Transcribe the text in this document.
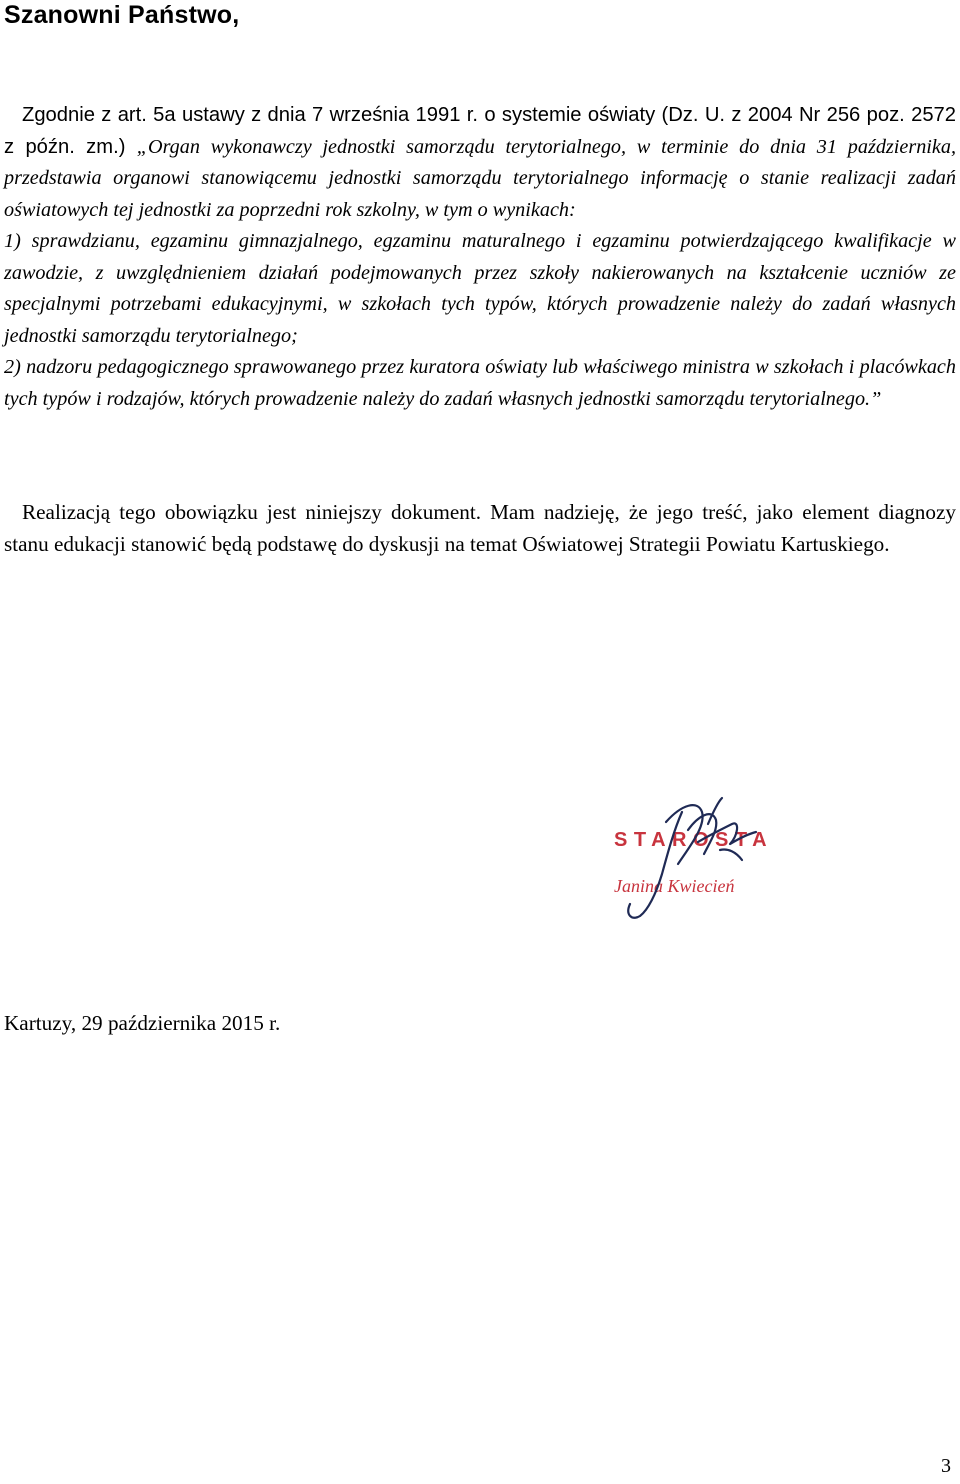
Szanowni Państwo,

Zgodnie z art. 5a ustawy z dnia 7 września 1991 r. o systemie oświaty (Dz. U. z 2004 Nr 256 poz. 2572 z późn. zm.) „Organ wykonawczy jednostki samorządu terytorialnego, w terminie do dnia 31 października, przedstawia organowi stanowiącemu jednostki samorządu terytorialnego informację o stanie realizacji zadań oświatowych tej jednostki za poprzedni rok szkolny, w tym o wynikach:

1) sprawdzianu, egzaminu gimnazjalnego, egzaminu maturalnego i egzaminu potwierdzającego kwalifikacje w zawodzie, z uwzględnieniem działań podejmowanych przez szkoły nakierowanych na kształcenie uczniów ze specjalnymi potrzebami edukacyjnymi, w szkołach tych typów, których prowadzenie należy do zadań własnych jednostki samorządu terytorialnego;

2) nadzoru pedagogicznego sprawowanego przez kuratora oświaty lub właściwego ministra w szkołach i placówkach tych typów i rodzajów, których prowadzenie należy do zadań własnych jednostki samorządu terytorialnego.”

Realizacją tego obowiązku jest niniejszy dokument. Mam nadzieję, że jego treść, jako element diagnozy stanu edukacji stanowić będą podstawę do dyskusji na temat Oświatowej Strategii Powiatu Kartuskiego.

STAROSTA
Janina Kwiecień

Kartuzy, 29 października 2015 r.

3
